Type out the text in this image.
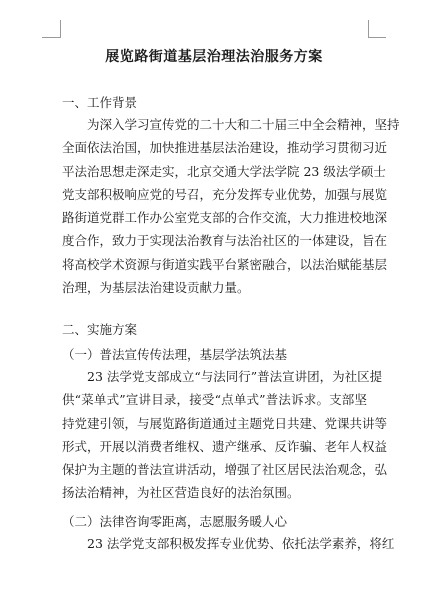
展览路街道基层治理法治服务方案
一、工作背景
为深入学习宣传党的二十大和二十届三中全会精神，坚持
全面依法治国，加快推进基层法治建设，推动学习贯彻习近
平法治思想走深走实，北京交通大学法学院 23 级法学硕士
党支部积极响应党的号召，充分发挥专业优势，加强与展览
路街道党群工作办公室党支部的合作交流，大力推进校地深
度合作，致力于实现法治教育与法治社区的一体建设，旨在
将高校学术资源与街道实践平台紧密融合，以法治赋能基层
治理，为基层法治建设贡献力量。
二、实施方案
（一）普法宣传传法理，基层学法筑法基
23 法学党支部成立“与法同行”普法宣讲团，为社区提
供“菜单式”宣讲目录，接受“点单式”普法诉求。支部坚
持党建引领，与展览路街道通过主题党日共建、党课共讲等
形式，开展以消费者维权、遗产继承、反诈骗、老年人权益
保护为主题的普法宣讲活动，增强了社区居民法治观念，弘
扬法治精神，为社区营造良好的法治氛围。
（二）法律咨询零距离，志愿服务暖人心
23 法学党支部积极发挥专业优势、依托法学素养，将红
